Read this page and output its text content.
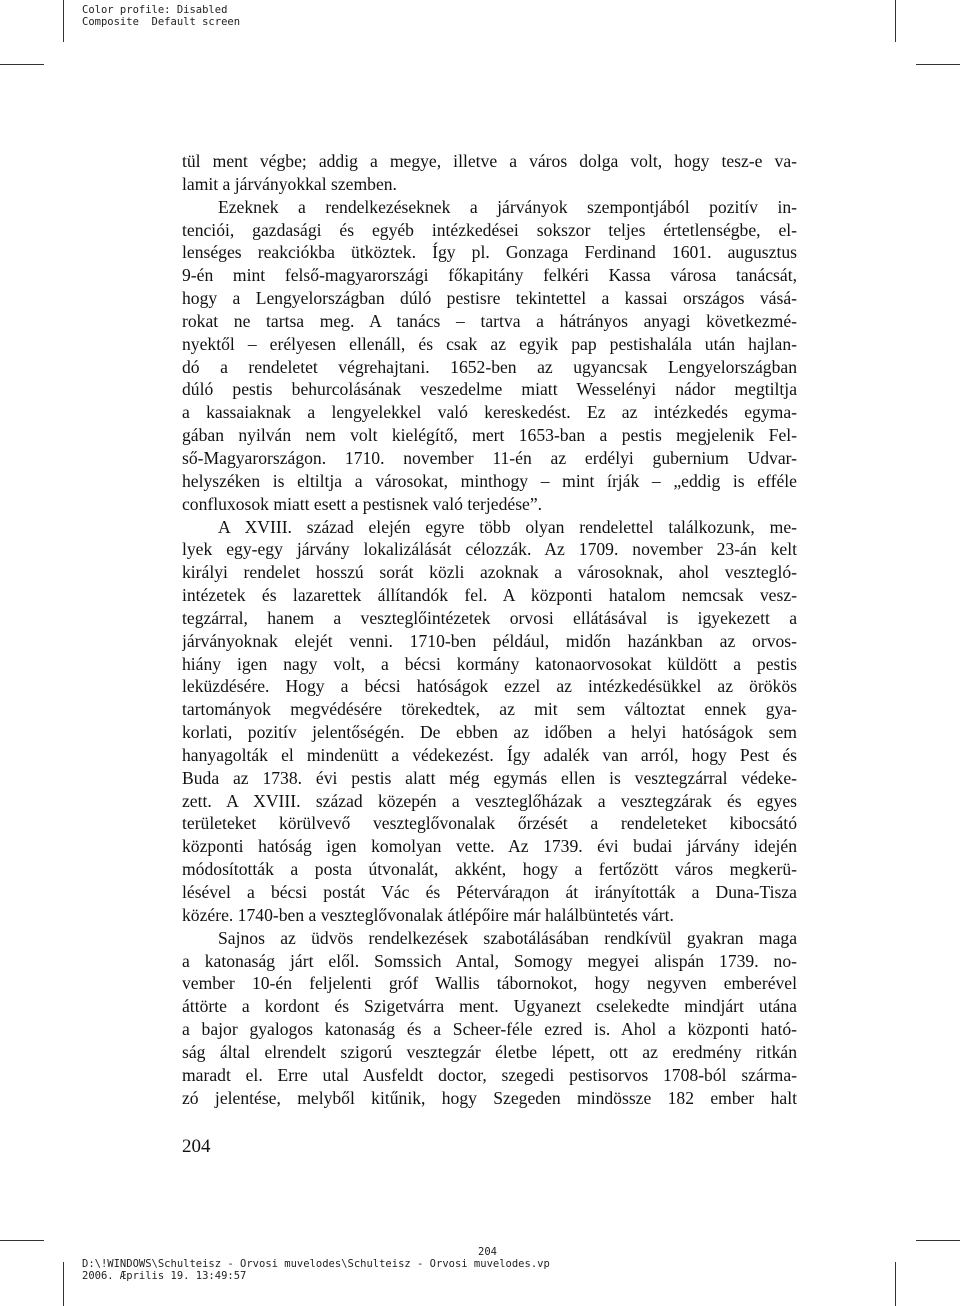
Color profile: Disabled
Composite  Default screen
tül ment végbe; addig a megye, illetve a város dolga volt, hogy tesz-e va-
lamit a járványokkal szemben.
Ezeknek a rendelkezéseknek a járványok szempontjából pozitív in-
tenciói, gazdasági és egyéb intézkedései sokszor teljes értetlenségbe, el-
lenséges reakciókba ütköztek. Így pl. Gonzaga Ferdinand 1601. augusztus
9-én mint felső-magyarországi főkapitány felkéri Kassa városa tanácsát,
hogy a Lengyelországban dúló pestisre tekintettel a kassai országos vásá-
rokat ne tartsa meg. A tanács – tartva a hátrányos anyagi következmé-
nyektől – erélyesen ellenáll, és csak az egyik pap pestishalála után hajlan-
dó a rendeletet végrehajtani. 1652-ben az ugyancsak Lengyelországban
dúló pestis behurcolásának veszedelme miatt Wesselényi nádor megtiltja
a kassaiaknak a lengyelekkel való kereskedést. Ez az intézkedés egyma-
gában nyilván nem volt kielégítő, mert 1653-ban a pestis megjelenik Fel-
ső-Magyarországon. 1710. november 11-én az erdélyi gubernium Udvar-
helyszéken is eltiltja a városokat, minthogy – mint írják – „eddig is efféle
confluxosok miatt esett a pestisnek való terjedése”.
A XVIII. század elején egyre több olyan rendelettel találkozunk, me-
lyek egy-egy járvány lokalizálását célozzák. Az 1709. november 23-án kelt
királyi rendelet hosszú sorát közli azoknak a városoknak, ahol vesztegló-
intézetek és lazarettek állítandók fel. A központi hatalom nemcsak vesz-
tegzárral, hanem a veszteglőintézetek orvosi ellátásával is igyekezett a
járványoknak elejét venni. 1710-ben például, midőn hazánkban az orvos-
hiány igen nagy volt, a bécsi kormány katonaorvosokat küldött a pestis
leküzdésére. Hogy a bécsi hatóságok ezzel az intézkedésükkel az örökös
tartományok megvédésére törekedtek, az mit sem változtat ennek gya-
korlati, pozitív jelentőségén. De ebben az időben a helyi hatóságok sem
hanyagolták el mindenütt a védekezést. Így adalék van arról, hogy Pest és
Buda az 1738. évi pestis alatt még egymás ellen is vesztegzárral védeke-
zett. A XVIII. század közepén a veszteglőházak a vesztegzárak és egyes
területeket körülvevő veszteglővonalak őrzését a rendeleteket kibocsátó
központi hatóság igen komolyan vette. Az 1739. évi budai járvány idején
módosították a posta útvonalát, akként, hogy a fertőzött város megkerü-
lésével a bécsi postát Vác és Pétervárадon át irányították a Duna-Tisza
közére. 1740-ben a veszteglővonalak átlépőire már halálbüntetés várt.
Sajnos az üdvös rendelkezések szabotálásában rendkívül gyakran maga
a katonaság járt elől. Somssich Antal, Somogy megyei alispán 1739. no-
vember 10-én feljelenti gróf Wallis tábornokot, hogy negyven emberével
áttörte a kordont és Szigetvárra ment. Ugyanezt cselekedte mindjárt utána
a bajor gyalogos katonaság és a Scheer-féle ezred is. Ahol a központi ható-
ság által elrendelt szigorú vesztegzár életbe lépett, ott az eredmény ritkán
maradt el. Erre utal Ausfeldt doctor, szegedi pestisorvos 1708-ból szárma-
zó jelentése, melyből kitűnik, hogy Szegeden mindössze 182 ember halt
204
204
D:\!WINDOWS\Schulteisz - Orvosi muvelodes\Schulteisz - Orvosi muvelodes.vp
2006. Æprilis 19. 13:49:57
